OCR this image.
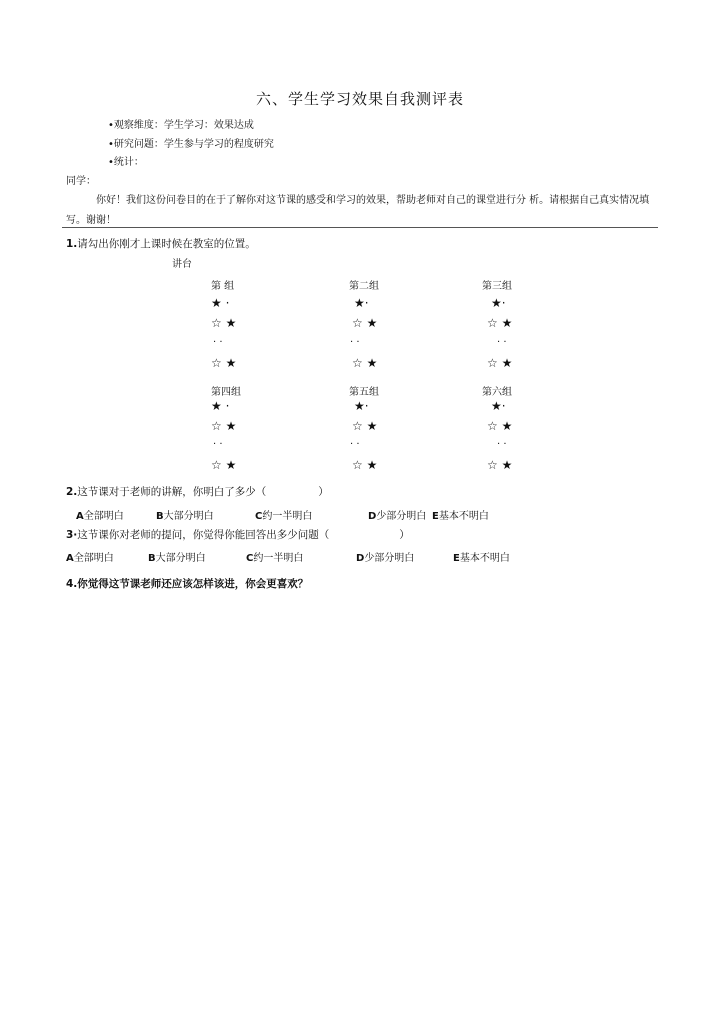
六、学生学习效果自我测评表
•观察维度：学生学习：效果达成
•研究问题：学生参与学习的程度研究
•统计：
同学：
你好！我们这份问卷目的在于了解你对这节课的感受和学习的效果，帮助老师对自己的课堂进行分 析。请根据自己真实情况填写。谢谢！
1.请勾出你刚才上课时候在教室的位置。
讲台
第 组	第二组	第三组
★ ·	★·	★·
☆ ★	☆ ★	☆ ★
· ·	· ·	· ·
☆ ★	☆ ★	☆ ★
第四组	第五组	第六组
★ ·	★·	★·
☆ ★	☆ ★	☆ ★
· ·	· ·	· ·
☆ ★	☆ ★	☆ ★
2.这节课对于老师的讲解，你明白了多少（	）
A全部明白	B大部分明白	C约一半明白	D少部分明白 E基本不明白
3·这节课你对老师的提问，你觉得你能回答出多少问题（	）
A全部明白	B大部分明白	C约一半明白	D少部分明白	E基本不明白
4.你觉得这节课老师还应该怎样该进，你会更喜欢？
